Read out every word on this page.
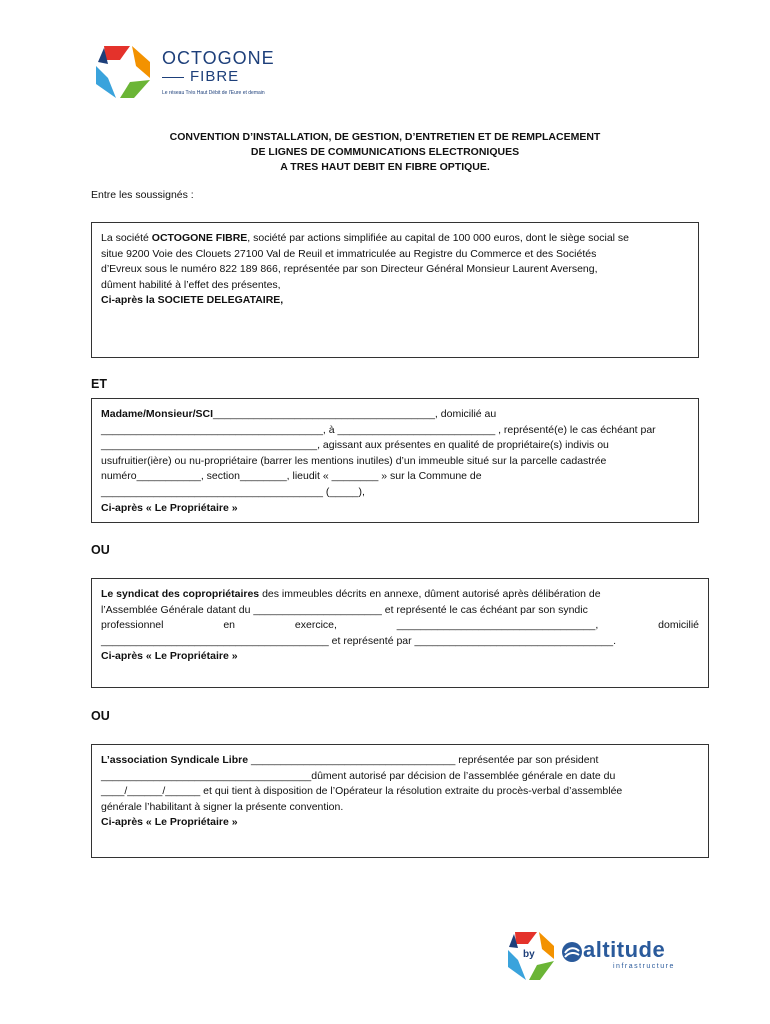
OCTOGONE
FIBRE
Le réseau Très Haut Débit de l'Eure et demain
CONVENTION D’INSTALLATION, DE GESTION, D’ENTRETIEN ET DE REMPLACEMENT
DE LIGNES DE COMMUNICATIONS ELECTRONIQUES
A TRES HAUT DEBIT EN FIBRE OPTIQUE.
Entre les soussignés :
La société OCTOGONE FIBRE, société par actions simplifiée au capital de 100 000 euros, dont le siège social se
situe 9200 Voie des Clouets 27100 Val de Reuil et immatriculée au Registre du Commerce et des Sociétés
d’Evreux sous le numéro 822 189 866, représentée par son Directeur Général Monsieur Laurent Averseng,
dûment habilité à l’effet des présentes,
Ci-après la SOCIETE DELEGATAIRE,
ET
Madame/Monsieur/SCI______________________________________, domicilié au
______________________________________, à ___________________________ , représenté(e) le cas échéant par
_____________________________________, agissant aux présentes en qualité de propriétaire(s) indivis ou
usufruitier(ière) ou nu-propriétaire (barrer les mentions inutiles) d’un immeuble situé sur la parcelle cadastrée
numéro___________, section________, lieudit « ________ » sur la Commune de
______________________________________ (_____),
Ci-après « Le Propriétaire »
OU
Le syndicat des copropriétaires des immeubles décrits en annexe, dûment autorisé après délibération de
l’Assemblée Générale datant du ______________________ et représenté le cas échéant par son syndic
professionnel	en	exercice,	__________________________________,	domicilié
_______________________________________ et représenté par __________________________________.
Ci-après « Le Propriétaire »
OU
L’association Syndicale Libre ___________________________________ représentée par son président
____________________________________dûment autorisé par décision de l’assemblée générale en date du
____/______/______ et qui tient à disposition de l’Opérateur la résolution extraite du procès-verbal d’assemblée
générale l’habilitant à signer la présente convention.
Ci-après « Le Propriétaire »
by altitude
infrastructure
